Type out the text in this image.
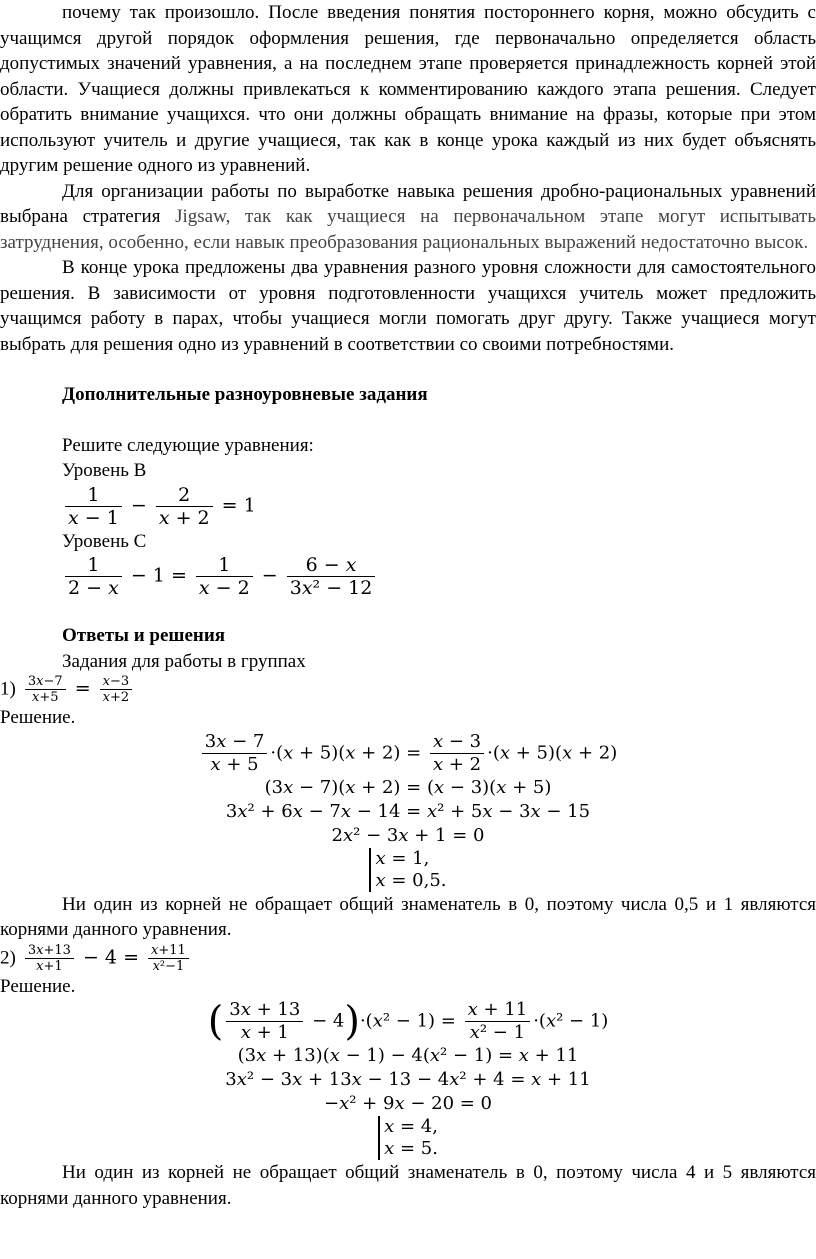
почему так произошло. После введения понятия постороннего корня, можно обсудить с учащимся другой порядок оформления решения, где первоначально определяется область допустимых значений уравнения, а на последнем этапе проверяется принадлежность корней этой области. Учащиеся должны привлекаться к комментированию каждого этапа решения. Следует обратить внимание учащихся. что они должны обращать внимание на фразы, которые при этом используют учитель и другие учащиеся, так как в конце урока каждый из них будет объяснять другим решение одного из уравнений.

Для организации работы по выработке навыка решения дробно-рациональных уравнений выбрана стратегия Jigsaw, так как учащиеся на первоначальном этапе могут испытывать затруднения, особенно, если навык преобразования рациональных выражений недостаточно высок.

В конце урока предложены два уравнения разного уровня сложности для самостоятельного решения. В зависимости от уровня подготовленности учащихся учитель может предложить учащимся работу в парах, чтобы учащиеся могли помогать друг другу. Также учащиеся могут выбрать для решения одно из уравнений в соответствии со своими потребностями.

Дополнительные разноуровневые задания

Решите следующие уравнения:

Уровень В

$\frac{1}{x - 1} - \frac{2}{x + 2} = 1$

Уровень С

$\frac{1}{2 - x} - 1 = \frac{1}{x - 2} - \frac{6 - x}{\text{3x² − 12}}$

Ответы и решения

Задания для работы в группах

$1) \frac{3x-7}{x+5} = \frac{x-3}{x+2}$

Решение.

$\frac{3x - 7}{x + 5} \cdot(x + 5)(x + 2) = \frac{x - 3}{x + 2} \cdot(x + 5)(x + 2)$
(3x − 7)(x + 2) = (x − 3)(x + 5)
3x² + 6x − 7x − 14 = x² + 5x − 3x − 15
2x² − 3x + 1 = 0
x = 1,
x = 0,5.

Ни один из корней не обращает общий знаменатель в 0, поэтому числа 0,5 и 1 являются корнями данного уравнения.

$2) \frac{3x+13}{x+1} - 4 = \frac{x+11}{\text{x²−1}}$

Решение.

( $\frac{3x + 13}{x + 1} - 4)\cdot(x^2 - 1) = \frac{x + 11}{\text{x² − 1}} \cdot(x^2 - 1)$
(3x + 13)(x − 1) − 4(x² − 1) = x + 11
3x² − 3x + 13x − 13 − 4x² + 4 = x + 11
−x² + 9x − 20 = 0
x = 4,
x = 5.

Ни один из корней не обращает общий знаменатель в 0, поэтому числа 4 и 5 являются корнями данного уравнения.
